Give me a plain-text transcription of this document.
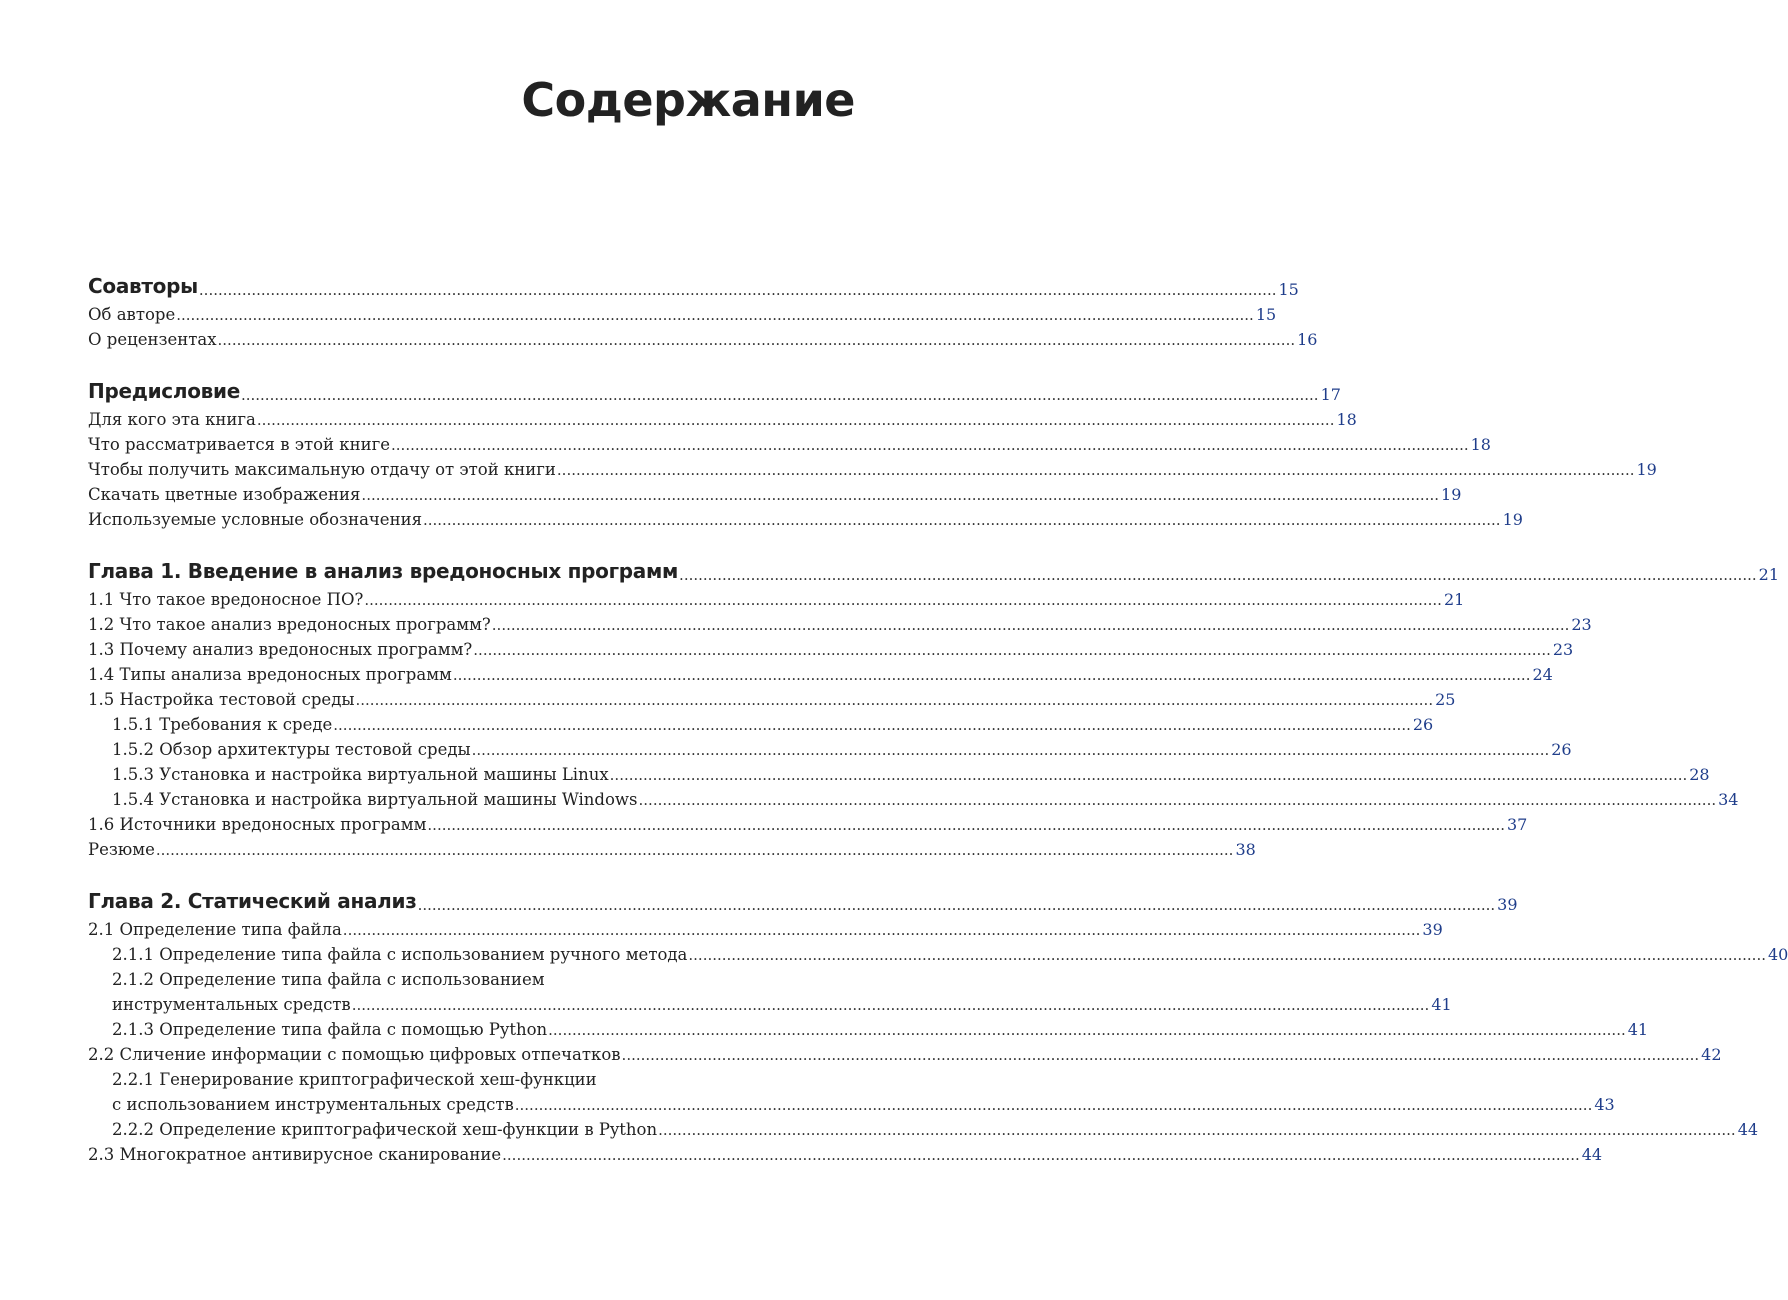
Содержание
Соавторы .................................................................................................................................................................................................................................. 15
Об авторе .................................................................................................................................................................................................................................. 15
О рецензентах .................................................................................................................................................................................................................................. 16
Предисловие .................................................................................................................................................................................................................................. 17
Для кого эта книга .................................................................................................................................................................................................................................. 18
Что рассматривается в этой книге .................................................................................................................................................................................................................................. 18
Чтобы получить максимальную отдачу от этой книги .................................................................................................................................................................................................................................. 19
Скачать цветные изображения .................................................................................................................................................................................................................................. 19
Используемые условные обозначения .................................................................................................................................................................................................................................. 19
Глава 1. Введение в анализ вредоносных программ .................................................................................................................................................................................................................................. 21
1.1 Что такое вредоносное ПО? .................................................................................................................................................................................................................................. 21
1.2 Что такое анализ вредоносных программ? .................................................................................................................................................................................................................................. 23
1.3 Почему анализ вредоносных программ? .................................................................................................................................................................................................................................. 23
1.4 Типы анализа вредоносных программ .................................................................................................................................................................................................................................. 24
1.5 Настройка тестовой среды .................................................................................................................................................................................................................................. 25
1.5.1 Требования к среде .................................................................................................................................................................................................................................. 26
1.5.2 Обзор архитектуры тестовой среды .................................................................................................................................................................................................................................. 26
1.5.3 Установка и настройка виртуальной машины Linux .................................................................................................................................................................................................................................. 28
1.5.4 Установка и настройка виртуальной машины Windows .................................................................................................................................................................................................................................. 34
1.6 Источники вредоносных программ .................................................................................................................................................................................................................................. 37
Резюме .................................................................................................................................................................................................................................. 38
Глава 2. Статический анализ .................................................................................................................................................................................................................................. 39
2.1 Определение типа файла .................................................................................................................................................................................................................................. 39
2.1.1 Определение типа файла с использованием ручного метода .................................................................................................................................................................................................................................. 40
2.1.2 Определение типа файла с использованием
инструментальных средств .................................................................................................................................................................................................................................. 41
2.1.3 Определение типа файла с помощью Python .................................................................................................................................................................................................................................. 41
2.2 Сличение информации с помощью цифровых отпечатков .................................................................................................................................................................................................................................. 42
2.2.1 Генерирование криптографической хеш-функции
с использованием инструментальных средств .................................................................................................................................................................................................................................. 43
2.2.2 Определение криптографической хеш-функции в Python .................................................................................................................................................................................................................................. 44
2.3 Многократное антивирусное сканирование .................................................................................................................................................................................................................................. 44
